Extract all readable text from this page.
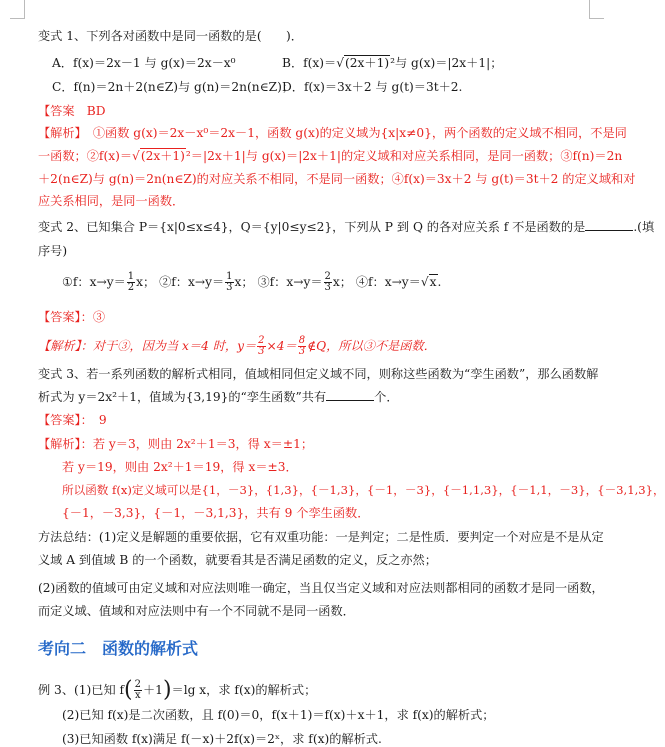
变式 1、下列各对函数中是同一函数的是(　　)．
A．f(x)＝2x－1 与 g(x)＝2x－x⁰	B．f(x)＝√(2x＋1)²与 g(x)＝|2x＋1|；
C．f(n)＝2n＋2(n∈Z)与 g(n)＝2n(n∈Z)；
D．f(x)＝3x＋2 与 g(t)＝3t＋2.
【答案　BD
【解析】　①函数 g(x)＝2x－x⁰＝2x－1，函数 g(x)的定义域为{x|x≠0}，两个函数的定义域不相同，不是同
一函数；②f(x)＝√(2x＋1)²＝|2x＋1|与 g(x)＝|2x＋1|的定义域和对应关系相同，是同一函数；③f(n)＝2n
＋2(n∈Z)与 g(n)＝2n(n∈Z)的对应关系不相同，不是同一函数；④f(x)＝3x＋2 与 g(t)＝3t＋2 的定义域和对
应关系相同，是同一函数．
变式 2、已知集合 P＝{x|0≤x≤4}，Q＝{y|0≤y≤2}，下列从 P 到 Q 的各对应关系 f 不是函数的是	.(填
序号)
①f：$x\to y= \frac{1}{2}$ x； ②f：$x\to y= \frac{1}{3}$ x； ③f：$x\to y= \frac{2}{3}$ x； ④f：x→y＝√x.
【答案】：③
【解析】：对于③，因为当 x＝4 时，$y= \frac{2}{3} \times 4= \frac{8}{3}$ ∉Q，所以③不是函数．
变式 3、若一系列函数的解析式相同，值域相同但定义域不同，则称这些函数为“孪生函数”，那么函数解
析式为 y＝2x²＋1，值域为{3,19}的“孪生函数”共有	个．
【答案】：　9
【解析】：若 y＝3，则由 2x²＋1＝3，得 x＝±1；
若 y＝19，则由 2x²＋1＝19，得 x＝±3．
所以函数 f(x)定义域可以是{1，－3}，{1,3}，{－1,3}，{－1，－3}，{－1,1,3}，{－1,1，－3}，{－3,1,3}，
{－1，－3,3}，{－1，－3,1,3}，共有 9 个孪生函数．
方法总结：(1)定义是解题的重要依据，它有双重功能：一是判定；二是性质．要判定一个对应是不是从定
义域 A 到值域 B 的一个函数，就要看其是否满足函数的定义，反之亦然；
(2)函数的值域可由定义域和对应法则唯一确定，当且仅当定义域和对应法则都相同的函数才是同一函数，
而定义域、值域和对应法则中有一个不同就不是同一函数．
考向二　函数的解析式
例 3、(1)已知 $f( \frac{2}{x} +1)=\lg$ x，求 f(x)的解析式；
(2)已知 f(x)是二次函数，且 f(0)＝0，f(x＋1)＝f(x)＋x＋1，求 f(x)的解析式；
(3)已知函数 f(x)满足 f(－x)＋2f(x)＝2ˣ，求 f(x)的解析式.
